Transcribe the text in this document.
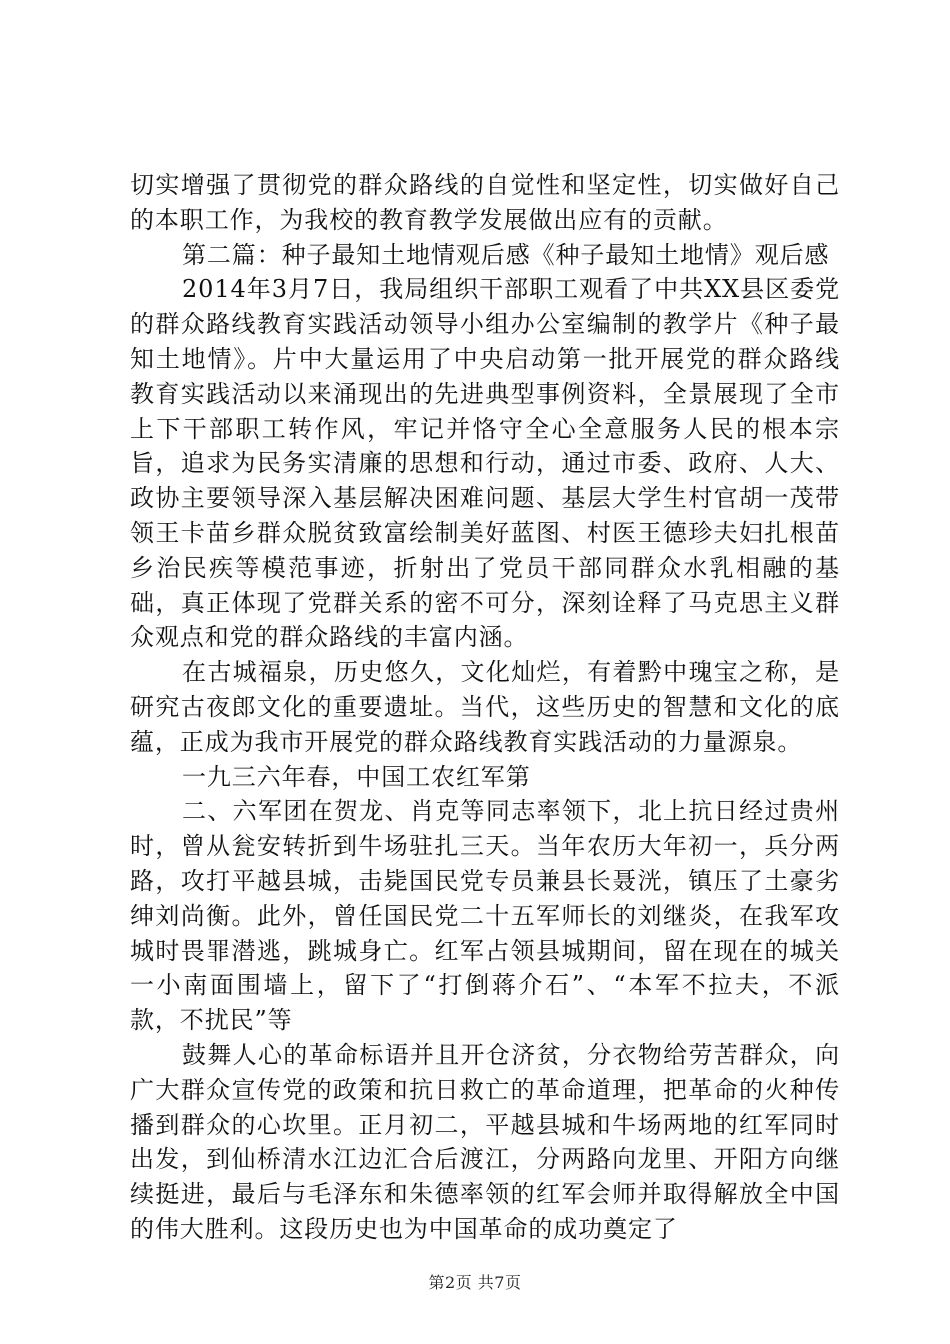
切实增强了贯彻党的群众路线的自觉性和坚定性，切实做好自己的本职工作，为我校的教育教学发展做出应有的贡献。

第二篇：种子最知土地情观后感《种子最知土地情》观后感

2014年3月7日，我局组织干部职工观看了中共XX县区委党的群众路线教育实践活动领导小组办公室编制的教学片《种子最知土地情》。片中大量运用了中央启动第一批开展党的群众路线教育实践活动以来涌现出的先进典型事例资料，全景展现了全市上下干部职工转作风，牢记并恪守全心全意服务人民的根本宗旨，追求为民务实清廉的思想和行动，通过市委、政府、人大、政协主要领导深入基层解决困难问题、基层大学生村官胡一茂带领王卡苗乡群众脱贫致富绘制美好蓝图、村医王德珍夫妇扎根苗乡治民疾等模范事迹，折射出了党员干部同群众水乳相融的基础，真正体现了党群关系的密不可分，深刻诠释了马克思主义群众观点和党的群众路线的丰富内涵。

在古城福泉，历史悠久，文化灿烂，有着黔中瑰宝之称，是研究古夜郎文化的重要遗址。当代，这些历史的智慧和文化的底蕴，正成为我市开展党的群众路线教育实践活动的力量源泉。

一九三六年春，中国工农红军第

二、六军团在贺龙、肖克等同志率领下，北上抗日经过贵州时，曾从瓮安转折到牛场驻扎三天。当年农历大年初一，兵分两路，攻打平越县城，击毙国民党专员兼县长聂洸，镇压了土豪劣绅刘尚衡。此外，曾任国民党二十五军师长的刘继炎，在我军攻城时畏罪潜逃，跳城身亡。红军占领县城期间，留在现在的城关一小南面围墙上，留下了“打倒蒋介石”、“本军不拉夫，不派款，不扰民”等

鼓舞人心的革命标语并且开仓济贫，分衣物给劳苦群众，向广大群众宣传党的政策和抗日救亡的革命道理，把革命的火种传播到群众的心坎里。正月初二，平越县城和牛场两地的红军同时出发，到仙桥清水江边汇合后渡江，分两路向龙里、开阳方向继续挺进，最后与毛泽东和朱德率领的红军会师并取得解放全中国的伟大胜利。这段历史也为中国革命的成功奠定了

第2页 共7页
